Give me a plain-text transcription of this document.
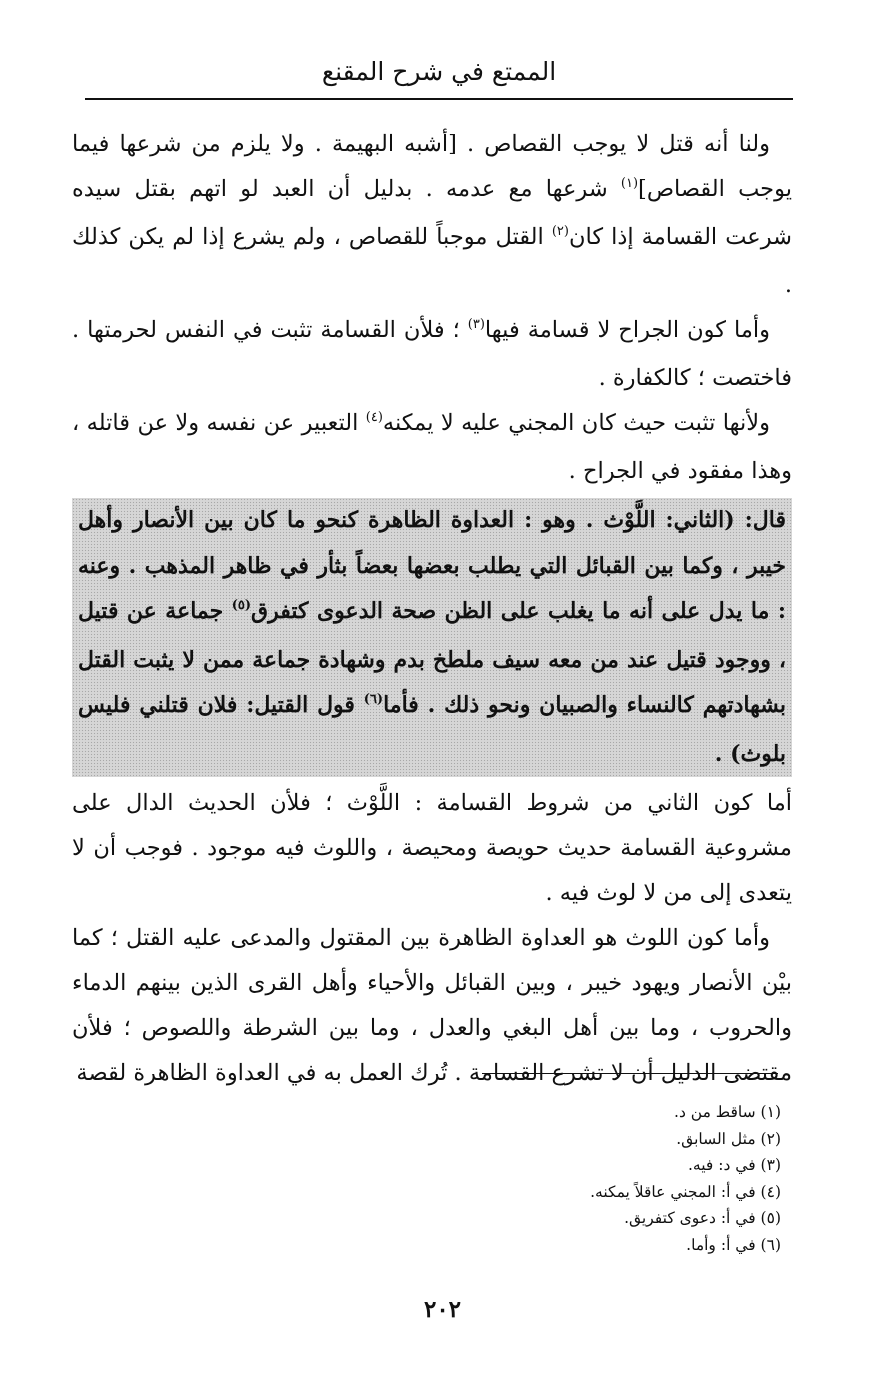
الممتع في شرح المقنع

ولنا أنه قتل لا يوجب القصاص . [أشبه البهيمة . ولا يلزم من شرعها فيما يوجب القصاص]$^{(١)}$ شرعها مع عدمه . بدليل أن العبد لو اتهم بقتل سيده شرعت القسامة إذا كان$^{(٢)}$ القتل موجباً للقصاص ، ولم يشرع إذا لم يكن كذلك .

وأما كون الجراح لا قسامة فيها$^{(٣)}$ ؛ فلأن القسامة تثبت في النفس لحرمتها . فاختصت ؛ كالكفارة .

ولأنها تثبت حيث كان المجني عليه لا يمكنه$^{(٤)}$ التعبير عن نفسه ولا عن قاتله ، وهذا مفقود في الجراح .

قال: (الثاني: اللَّوْث . وهو : العداوة الظاهرة كنحو ما كان بين الأنصار وأهل خيبر ، وكما بين القبائل التي يطلب بعضها بعضاً بثأر في ظاهر المذهب . وعنه : ما يدل على أنه ما يغلب على الظن صحة الدعوى كتفرق$^{(٥)}$ جماعة عن قتيل ، ووجود قتيل عند من معه سيف ملطخ بدم وشهادة جماعة ممن لا يثبت القتل بشهادتهم كالنساء والصبيان ونحو ذلك . فأما$^{(٦)}$ قول القتيل: فلان قتلني فليس بلوث) .

أما كون الثاني من شروط القسامة : اللَّوْث ؛ فلأن الحديث الدال على مشروعية القسامة حديث حويصة ومحيصة ، واللوث فيه موجود . فوجب أن لا يتعدى إلى من لا لوث فيه .

وأما كون اللوث هو العداوة الظاهرة بين المقتول والمدعى عليه القتل ؛ كما بيْن الأنصار ويهود خيبر ، وبين القبائل والأحياء وأهل القرى الذين بينهم الدماء والحروب ، وما بين أهل البغي والعدل ، وما بين الشرطة واللصوص ؛ فلأن مقتضى الدليل أن لا تشرع القسامة . تُرك العمل به في العداوة الظاهرة لقصة

(١) ساقط من د.
(٢) مثل السابق.
(٣) في د: فيه.
(٤) في أ: المجني عاقلاً يمكنه.
(٥) في أ: دعوى كتفريق.
(٦) في أ: وأما.
٢٠٢
